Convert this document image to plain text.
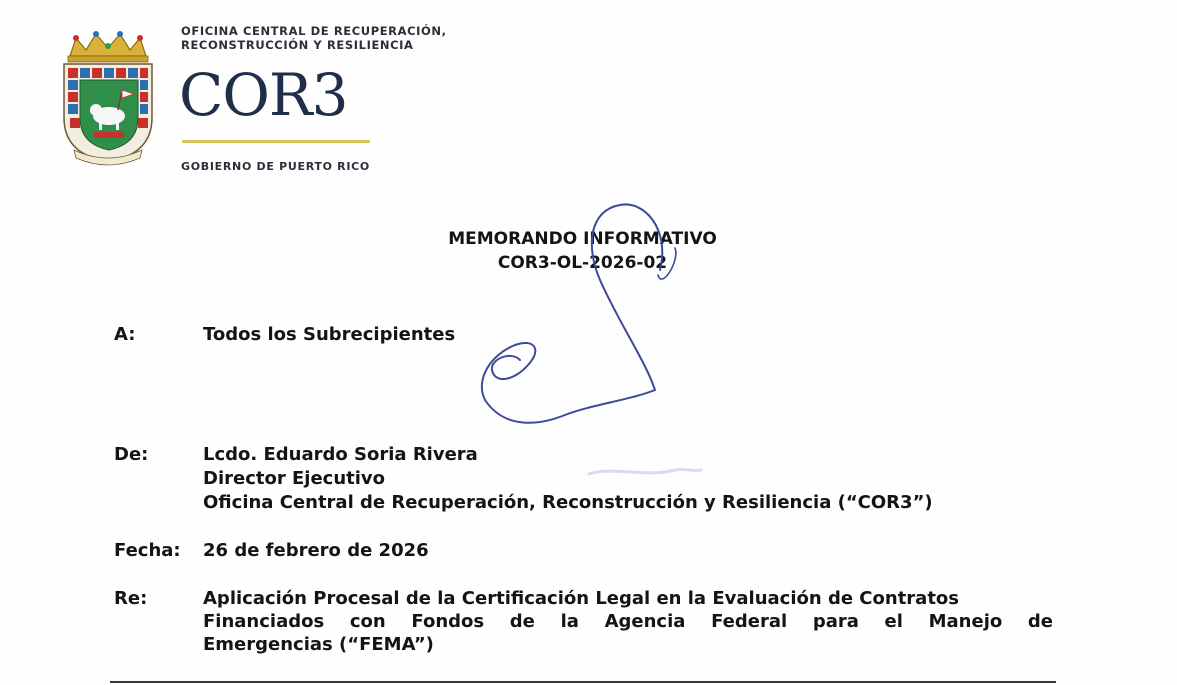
OFICINA CENTRAL DE RECUPERACIÓN,
RECONSTRUCCIÓN Y RESILIENCIA
COR3
GOBIERNO DE PUERTO RICO
MEMORANDO INFORMATIVO
COR3-OL-2026-02
A:	Todos los Subrecipientes
De:	Lcdo. Eduardo Soria Rivera
Director Ejecutivo
Oficina Central de Recuperación, Reconstrucción y Resiliencia (“COR3”)
Fecha: 26 de febrero de 2026
Re:	Aplicación Procesal de la Certificación Legal en la Evaluación de Contratos
Financiados con Fondos de la Agencia Federal para el Manejo de
Emergencias (“FEMA”)
